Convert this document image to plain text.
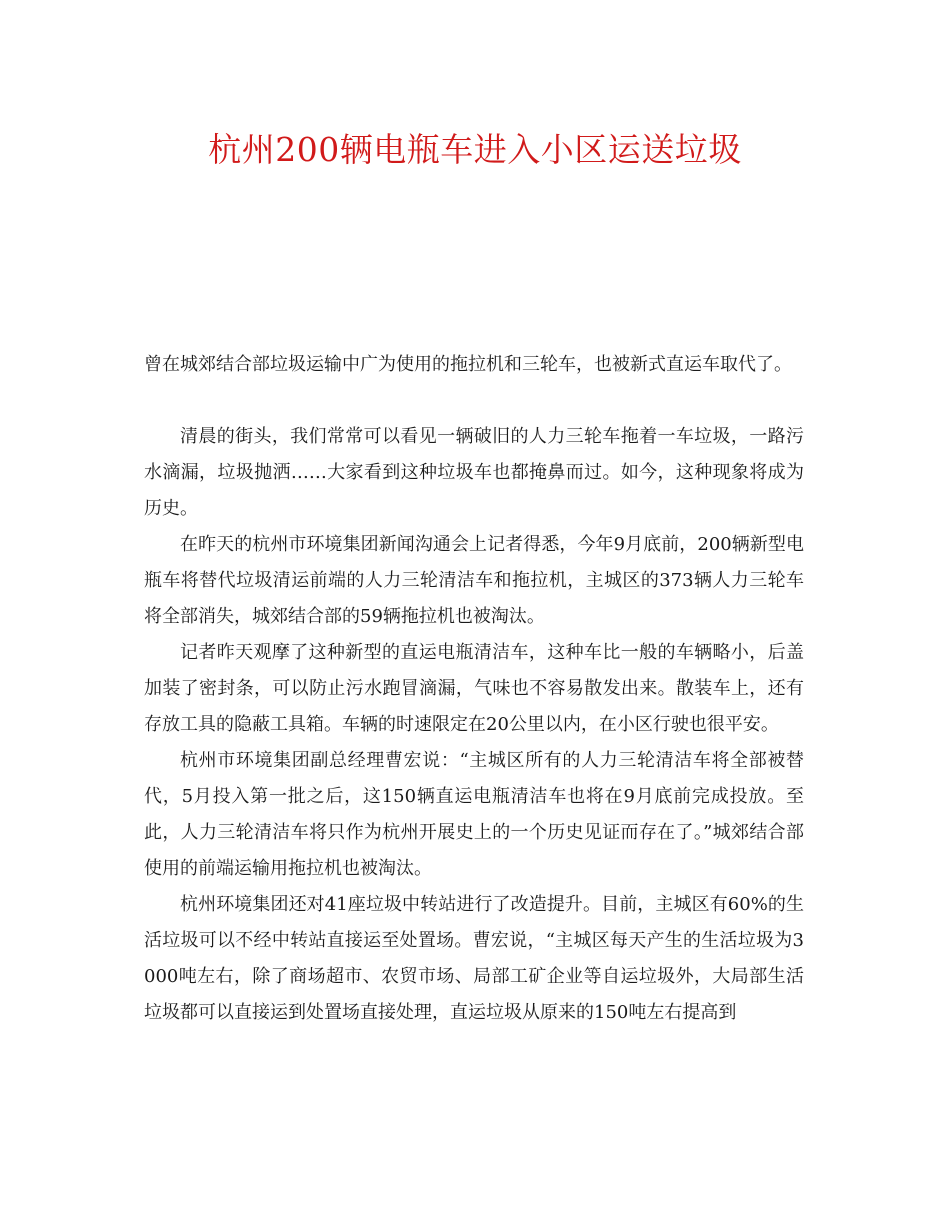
杭州200辆电瓶车进入小区运送垃圾

曾在城郊结合部垃圾运输中广为使用的拖拉机和三轮车，也被新式直运车取代了。

清晨的街头，我们常常可以看见一辆破旧的人力三轮车拖着一车垃圾，一路污水滴漏，垃圾抛洒……大家看到这种垃圾车也都掩鼻而过。如今，这种现象将成为历史。

在昨天的杭州市环境集团新闻沟通会上记者得悉，今年9月底前，200辆新型电瓶车将替代垃圾清运前端的人力三轮清洁车和拖拉机，主城区的373辆人力三轮车将全部消失，城郊结合部的59辆拖拉机也被淘汰。

记者昨天观摩了这种新型的直运电瓶清洁车，这种车比一般的车辆略小，后盖加装了密封条，可以防止污水跑冒滴漏，气味也不容易散发出来。散装车上，还有存放工具的隐蔽工具箱。车辆的时速限定在20公里以内，在小区行驶也很平安。

杭州市环境集团副总经理曹宏说：“主城区所有的人力三轮清洁车将全部被替代，5月投入第一批之后，这150辆直运电瓶清洁车也将在9月底前完成投放。至此，人力三轮清洁车将只作为杭州开展史上的一个历史见证而存在了。”城郊结合部使用的前端运输用拖拉机也被淘汰。

杭州环境集团还对41座垃圾中转站进行了改造提升。目前，主城区有60%的生活垃圾可以不经中转站直接运至处置场。曹宏说，“主城区每天产生的生活垃圾为3000吨左右，除了商场超市、农贸市场、局部工矿企业等自运垃圾外，大局部生活垃圾都可以直接运到处置场直接处理，直运垃圾从原来的150吨左右提高到
